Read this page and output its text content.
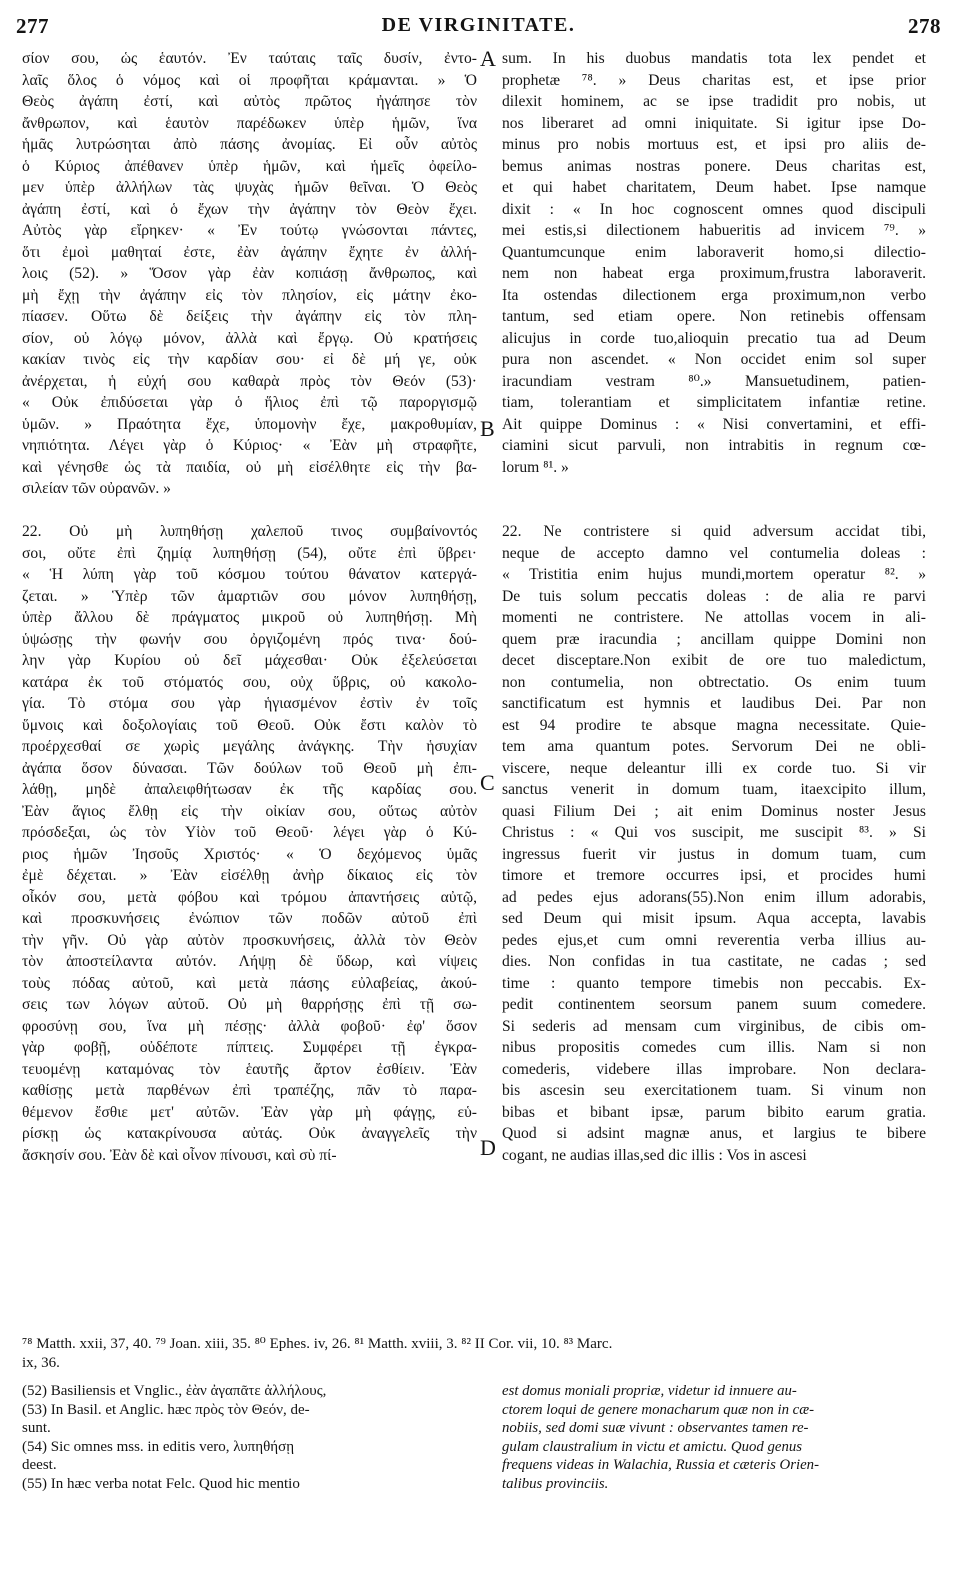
277	DE VIRGINITATE.	278
σίον σου, ὡς ἑαυτόν. Ἐν ταύταις ταῖς δυσίν, ἐντο-
λαῖς ὅλος ὁ νόμος καὶ οἱ προφῆται κράμανται. » Ὁ
Θεὸς ἀγάπη ἐστί, καὶ αὐτὸς πρῶτος ἠγάπησε τὸν
ἄνθρωπον, καὶ ἑαυτὸν παρέδωκεν ὑπὲρ ἡμῶν, ἵνα
ἡμᾶς λυτρώσηται ἀπὸ πάσης ἀνομίας. Εἰ οὖν αὐτὸς
ὁ Κύριος ἀπέθανεν ὑπὲρ ἡμῶν, καὶ ἡμεῖς ὀφείλο-
μεν ὑπὲρ ἀλλήλων τὰς ψυχὰς ἡμῶν θεῖναι. Ὁ Θεὸς
ἀγάπη ἐστί, καὶ ὁ ἔχων τὴν ἀγάπην τὸν Θεὸν ἔχει.
Αὐτὸς γὰρ εἴρηκεν· « Ἐν τούτῳ γνώσονται πάντες,
ὅτι ἐμοὶ μαθηταί ἐστε, ἐὰν ἀγάπην ἔχητε ἐν ἀλλή-
λοις (52). » Ὅσον γὰρ ἐὰν κοπιάσῃ ἄνθρωπος, καὶ
μὴ ἔχῃ τὴν ἀγάπην εἰς τὸν πλησίον, εἰς μάτην ἐκο-
πίασεν. Οὕτω δὲ δείξεις τὴν ἀγάπην εἰς τὸν πλη-
σίον, οὐ λόγῳ μόνον, ἀλλὰ καὶ ἔργῳ. Οὐ κρατήσεις
κακίαν τινὸς εἰς τὴν καρδίαν σου· εἰ δὲ μή γε, οὐκ
ἀνέρχεται, ἡ εὐχή σου καθαρὰ πρὸς τὸν Θεόν (53)·
« Οὐκ ἐπιδύσεται γὰρ ὁ ἥλιος ἐπὶ τῷ παροργισμῷ
ὑμῶν. » Πραότητα ἔχε, ὑπομονὴν ἔχε, μακροθυμίαν,
νηπιότητα. Λέγει γὰρ ὁ Κύριος· « Ἐὰν μὴ στραφῆτε,
καὶ γένησθε ὡς τὰ παιδία, οὐ μὴ εἰσέλθητε εἰς τὴν βα-
σιλείαν τῶν οὐρανῶν. »

22. Οὐ μὴ λυπηθήσῃ χαλεποῦ τινος συμβαίνοντός
σοι, οὔτε ἐπὶ ζημίᾳ λυπηθήσῃ (54), οὔτε ἐπὶ ὕβρει·
« Ἡ λύπη γὰρ τοῦ κόσμου τούτου θάνατον κατεργά-
ζεται. » Ὑπὲρ τῶν ἁμαρτιῶν σου μόνον λυπηθήσῃ,
ὑπὲρ ἄλλου δὲ πράγματος μικροῦ οὐ λυπηθήσῃ. Μὴ
ὑψώσῃς τὴν φωνήν σου ὀργιζομένη πρός τινα· δού-
λην γὰρ Κυρίου οὐ δεῖ μάχεσθαι· Οὐκ ἐξελεύσεται
κατάρα ἐκ τοῦ στόματός σου, οὐχ ὕβρις, οὐ κακολο-
γία. Τὸ στόμα σου γὰρ ἡγιασμένον ἐστὶν ἐν τοῖς
ὕμνοις καὶ δοξολογίαις τοῦ Θεοῦ. Οὐκ ἔστι καλὸν τὸ
προέρχεσθαί σε χωρὶς μεγάλης ἀνάγκης. Τὴν ἡσυχίαν
ἀγάπα ὅσον δύνασαι. Τῶν δούλων τοῦ Θεοῦ μὴ ἐπι-
λάθῃ, μηδὲ ἀπαλειφθήτωσαν ἐκ τῆς καρδίας σου.
Ἐὰν ἅγιος ἔλθῃ εἰς τὴν οἰκίαν σου, οὕτως αὐτὸν
πρόσδεξαι, ὡς τὸν Υἱὸν τοῦ Θεοῦ· λέγει γὰρ ὁ Κύ-
ριος ἡμῶν Ἰησοῦς Χριστός· « Ὁ δεχόμενος ὑμᾶς
ἐμὲ δέχεται. » Ἐὰν εἰσέλθῃ ἀνὴρ δίκαιος εἰς τὸν
οἶκόν σου, μετὰ φόβου καὶ τρόμου ἀπαντήσεις αὐτῷ,
καὶ προσκυνήσεις ἐνώπιον τῶν ποδῶν αὐτοῦ ἐπὶ
τὴν γῆν. Οὐ γὰρ αὐτὸν προσκυνήσεις, ἀλλὰ τὸν Θεὸν
τὸν ἀποστείλαντα αὐτόν. Λήψῃ δὲ ὕδωρ, καὶ νίψεις
τοὺς πόδας αὐτοῦ, καὶ μετὰ πάσης εὐλαβείας, ἀκού-
σεις των λόγων αὐτοῦ. Οὐ μὴ θαρρήσῃς ἐπὶ τῇ σω-
φροσύνῃ σου, ἵνα μὴ πέσῃς· ἀλλὰ φοβοῦ· ἐφ' ὅσον
γὰρ φοβῇ, οὐδέποτε πίπτεις. Συμφέρει τῇ ἐγκρα-
τευομένῃ καταμόνας τὸν ἑαυτῆς ἄρτον ἐσθίειν. Ἐὰν
καθίσῃς μετὰ παρθένων ἐπὶ τραπέζης, πᾶν τὸ παρα-
θέμενον ἔσθιε μετ' αὐτῶν. Ἐὰν γὰρ μὴ φάγῃς, εὑ-
ρίσκῃ ὡς κατακρίνουσα αὐτάς. Οὐκ ἀναγγελεῖς τὴν
ἄσκησίν σου. Ἐὰν δὲ καὶ οἶνον πίνουσι, καὶ σὺ πί-
sum. In his duobus mandatis tota lex pendet et
prophetæ ⁷⁸. » Deus charitas est, et ipse prior
dilexit hominem, ac se ipse tradidit pro nobis, ut
nos liberaret ad omni iniquitate. Si igitur ipse Do-
minus pro nobis mortuus est, et ipsi pro aliis de-
bemus animas nostras ponere. Deus charitas est,
et qui habet charitatem, Deum habet. Ipse namque
dixit : « In hoc cognoscent omnes quod discipuli
mei estis,si dilectionem habueritis ad invicem ⁷⁹. »
Quantumcunque enim laboraverit homo,si dilectio-
nem non habeat erga proximum,frustra laboraverit.
Ita ostendas dilectionem erga proximum,non verbo
tantum, sed etiam opere. Non retinebis offensam
alicujus in corde tuo,alioquin precatio tua ad Deum
pura non ascendet. « Non occidet enim sol super
iracundiam vestram ⁸⁰.» Mansuetudinem, patien-
tiam, tolerantiam et simplicitatem infantiæ retine.
Ait quippe Dominus : « Nisi convertamini, et effi-
ciamini sicut parvuli, non intrabitis in regnum cœ-
lorum ⁸¹. »

22. Ne contristere si quid adversum accidat tibi,
neque de accepto damno vel contumelia doleas :
« Tristitia enim hujus mundi,mortem operatur ⁸². »
De tuis solum peccatis doleas : de alia re parvi
momenti ne contristere. Ne attollas vocem in ali-
quem præ iracundia ; ancillam quippe Domini non
decet disceptare.Non exibit de ore tuo maledictum,
non contumelia, non obtrectatio. Os enim tuum
sanctificatum est hymnis et laudibus Dei. Par non
est 94 prodire te absque magna necessitate. Quie-
tem ama quantum potes. Servorum Dei ne obli-
viscere, neque deleantur illi ex corde tuo. Si vir
sanctus venerit in domum tuam, itaexcipito illum,
quasi Filium Dei ; ait enim Dominus noster Jesus
Christus : « Qui vos suscipit, me suscipit ⁸³. » Si
ingressus fuerit vir justus in domum tuam, cum
timore et tremore occurres ipsi, et procides humi
ad pedes ejus adorans(55).Non enim illum adorabis,
sed Deum qui misit ipsum. Aqua accepta, lavabis
pedes ejus,et cum omni reverentia verba illius au-
dies. Non confidas in tua castitate, ne cadas ; sed
time : quanto tempore timebis non peccabis. Ex-
pedit continentem seorsum panem suum comedere.
Si sederis ad mensam cum virginibus, de cibis om-
nibus propositis comedes cum illis. Nam si non
comederis, videbere illas improbare. Non declara-
bis ascesin seu exercitationem tuam. Si vinum non
bibas et bibant ipsæ, parum bibito earum gratia.
Quod si adsint magnæ anus, et largius te bibere
cogant, ne audias illas,sed dic illis : Vos in ascesi
A
B
C
D
⁷⁸ Matth. xxii, 37, 40. ⁷⁹ Joan. xiii, 35. ⁸⁰ Ephes. iv, 26. ⁸¹ Matth. xviii, 3. ⁸² II Cor. vii, 10. ⁸³ Marc.
ix, 36.
(52) Basiliensis et Vnglic., ἐὰν ἀγαπᾶτε ἀλλήλους,
(53) In Basil. et Anglic. hæc πρὸς τὸν Θεόν, de-
sunt.
(54) Sic omnes mss. in editis vero, λυπηθήσῃ
deest.
(55) In hæc verba notat Felc. Quod hic mentio
est domus moniali propriæ, videtur id innuere au-
ctorem loqui de genere monacharum quæ non in cæ-
nobiis, sed domi suæ vivunt : observantes tamen re-
gulam claustralium in victu et amictu. Quod genus
frequens videas in Walachia, Russia et cæteris Orien-
talibus provinciis.
